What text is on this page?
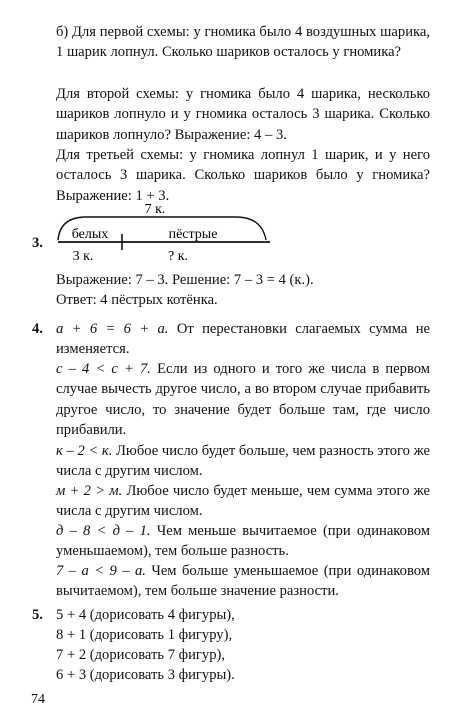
б) Для первой схемы: у гномика было 4 воздушных шарика, 1 шарик лопнул. Сколько шариков осталось у гномика?

Для второй схемы: у гномика было 4 шарика, несколько шариков лопнуло и у гномика осталось 3 шарика. Сколько шариков лопнуло? Выражение: 4 – 3.

Для третьей схемы: у гномика лопнул 1 шарик, и у него осталось 3 шарика. Сколько шариков было у гномика? Выражение: 1 + 3.

3.
7 к.
белых	пёстрые
3 к.	? к.

Выражение: 7 – 3. Решение: 7 – 3 = 4 (к.).

Ответ: 4 пёстрых котёнка.

4. а + 6 = 6 + а. От перестановки слагаемых сумма не изменяется.

с – 4 < с + 7. Если из одного и того же числа в первом случае вычесть другое число, а во втором случае прибавить другое число, то значение будет больше там, где число прибавили.

к – 2 < к. Любое число будет больше, чем разность этого же числа с другим числом.

м + 2 > м. Любое число будет меньше, чем сумма этого же числа с другим числом.

д – 8 < д – 1. Чем меньше вычитаемое (при одинаковом уменьшаемом), тем больше разность.

7 – а < 9 – а. Чем больше уменьшаемое (при одинаковом вычитаемом), тем больше значение разности.

5. 5 + 4 (дорисовать 4 фигуры),

8 + 1 (дорисовать 1 фигуру),

7 + 2 (дорисовать 7 фигур),

6 + 3 (дорисовать 3 фигуры).

74
